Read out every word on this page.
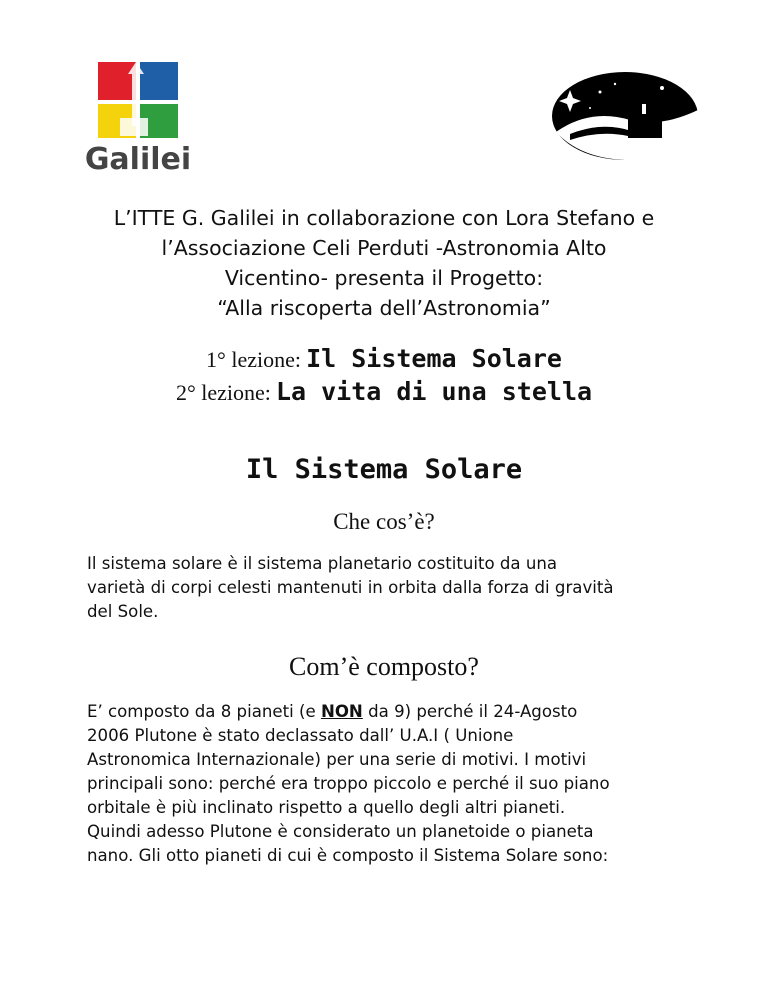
Galilei
L’ITTE G. Galilei in collaborazione con Lora Stefano e
l’Associazione Celi Perduti -Astronomia Alto
Vicentino- presenta il Progetto:
“Alla riscoperta dell’Astronomia”
1° lezione: Il Sistema Solare
2° lezione: La vita di una stella
Il Sistema Solare
Che cos’è?
Il sistema solare è il sistema planetario costituito da una
varietà di corpi celesti mantenuti in orbita dalla forza di gravità
del Sole.
Com’è composto?
E’ composto da 8 pianeti (e NON da 9) perché il 24-Agosto
2006 Plutone è stato declassato dall’ U.A.I ( Unione
Astronomica Internazionale) per una serie di motivi. I motivi
principali sono: perché era troppo piccolo e perché il suo piano
orbitale è più inclinato rispetto a quello degli altri pianeti.
Quindi adesso Plutone è considerato un planetoide o pianeta
nano. Gli otto pianeti di cui è composto il Sistema Solare sono:
